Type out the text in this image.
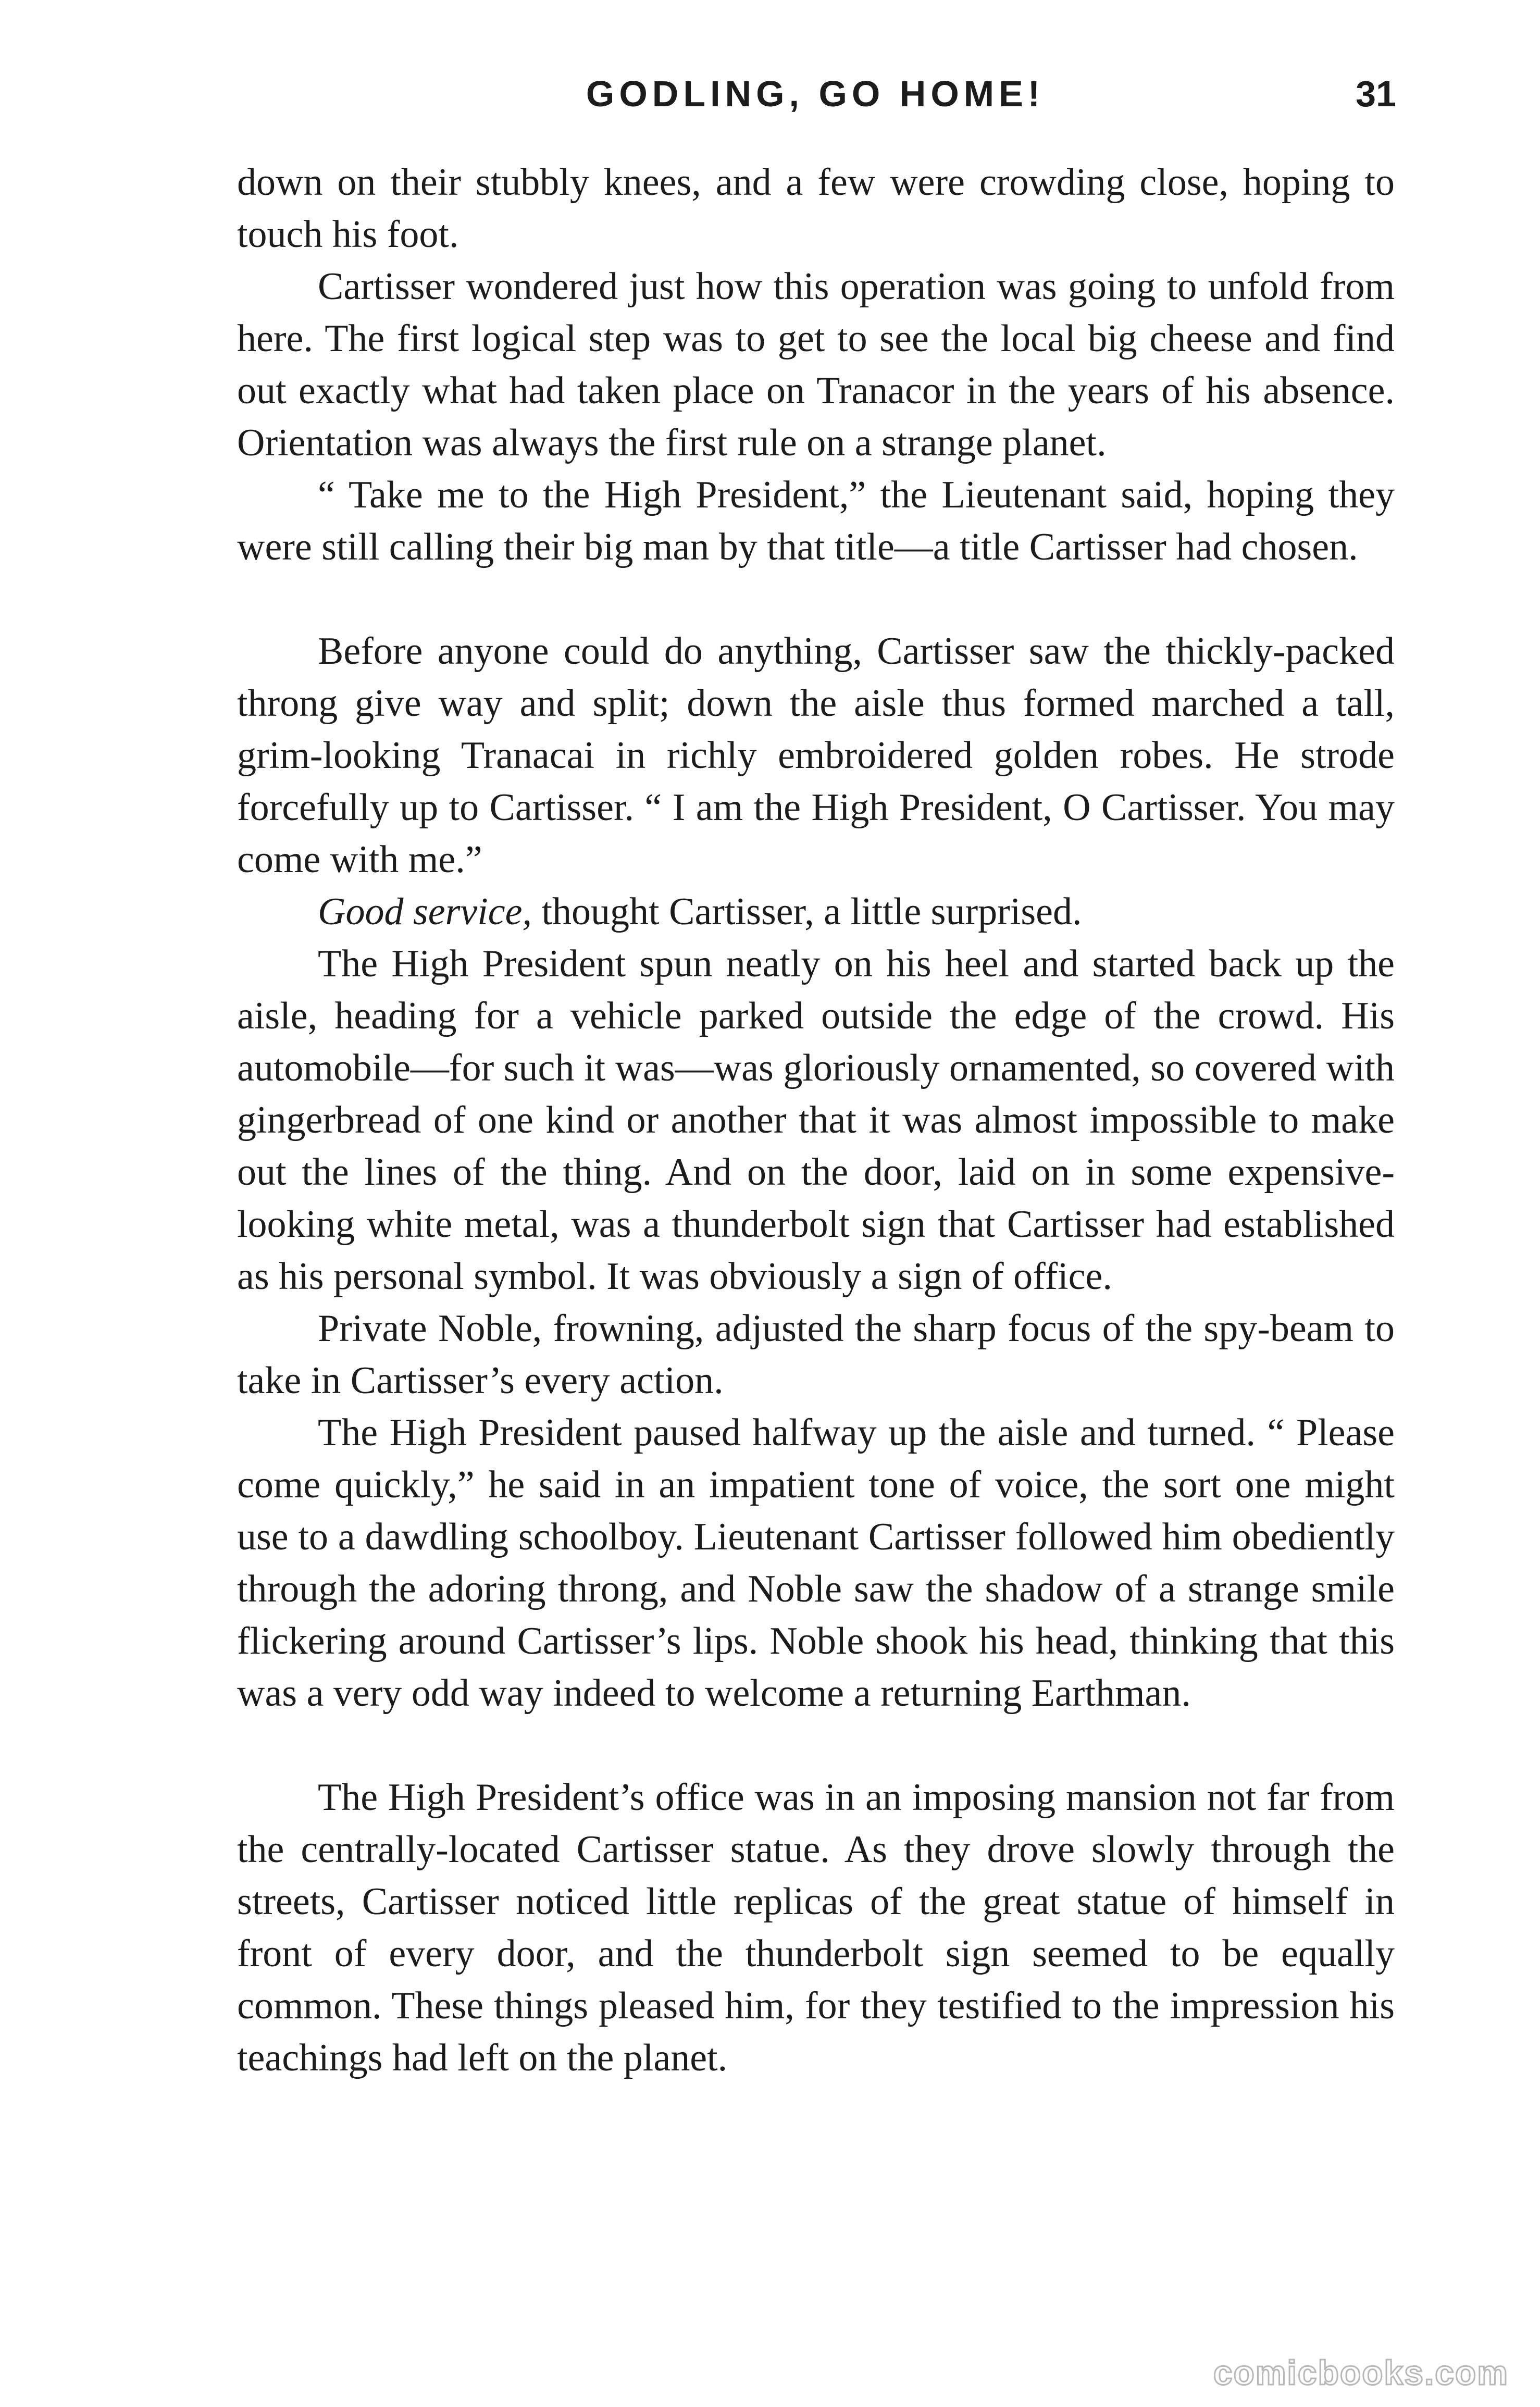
GODLING, GO HOME!	31

down on their stubbly knees, and a few were crowding close, hoping to touch his foot.

Cartisser wondered just how this operation was going to unfold from here. The first logical step was to get to see the local big cheese and find out exactly what had taken place on Tranacor in the years of his absence. Orientation was always the first rule on a strange planet.

“ Take me to the High President,” the Lieutenant said, hoping they were still calling their big man by that title—a title Cartisser had chosen.

Before anyone could do anything, Cartisser saw the thickly-packed throng give way and split; down the aisle thus formed marched a tall, grim-looking Tranacai in richly embroidered golden robes. He strode forcefully up to Cartisser. “ I am the High President, O Cartisser. You may come with me.”

Good service, thought Cartisser, a little surprised.

The High President spun neatly on his heel and started back up the aisle, heading for a vehicle parked outside the edge of the crowd. His automobile—for such it was—was gloriously ornamented, so covered with gingerbread of one kind or another that it was almost impossible to make out the lines of the thing. And on the door, laid on in some expensive-looking white metal, was a thunderbolt sign that Cartisser had established as his personal symbol. It was obviously a sign of office.

Private Noble, frowning, adjusted the sharp focus of the spy-beam to take in Cartisser’s every action.

The High President paused halfway up the aisle and turned. “ Please come quickly,” he said in an impatient tone of voice, the sort one might use to a dawdling schoolboy. Lieutenant Cartisser followed him obediently through the adoring throng, and Noble saw the shadow of a strange smile flickering around Cartisser’s lips. Noble shook his head, thinking that this was a very odd way indeed to welcome a returning Earthman.

The High President’s office was in an imposing mansion not far from the centrally-located Cartisser statue. As they drove slowly through the streets, Cartisser noticed little replicas of the great statue of himself in front of every door, and the thunderbolt sign seemed to be equally common. These things pleased him, for they testified to the impression his teachings had left on the planet.

comicbooks.com
